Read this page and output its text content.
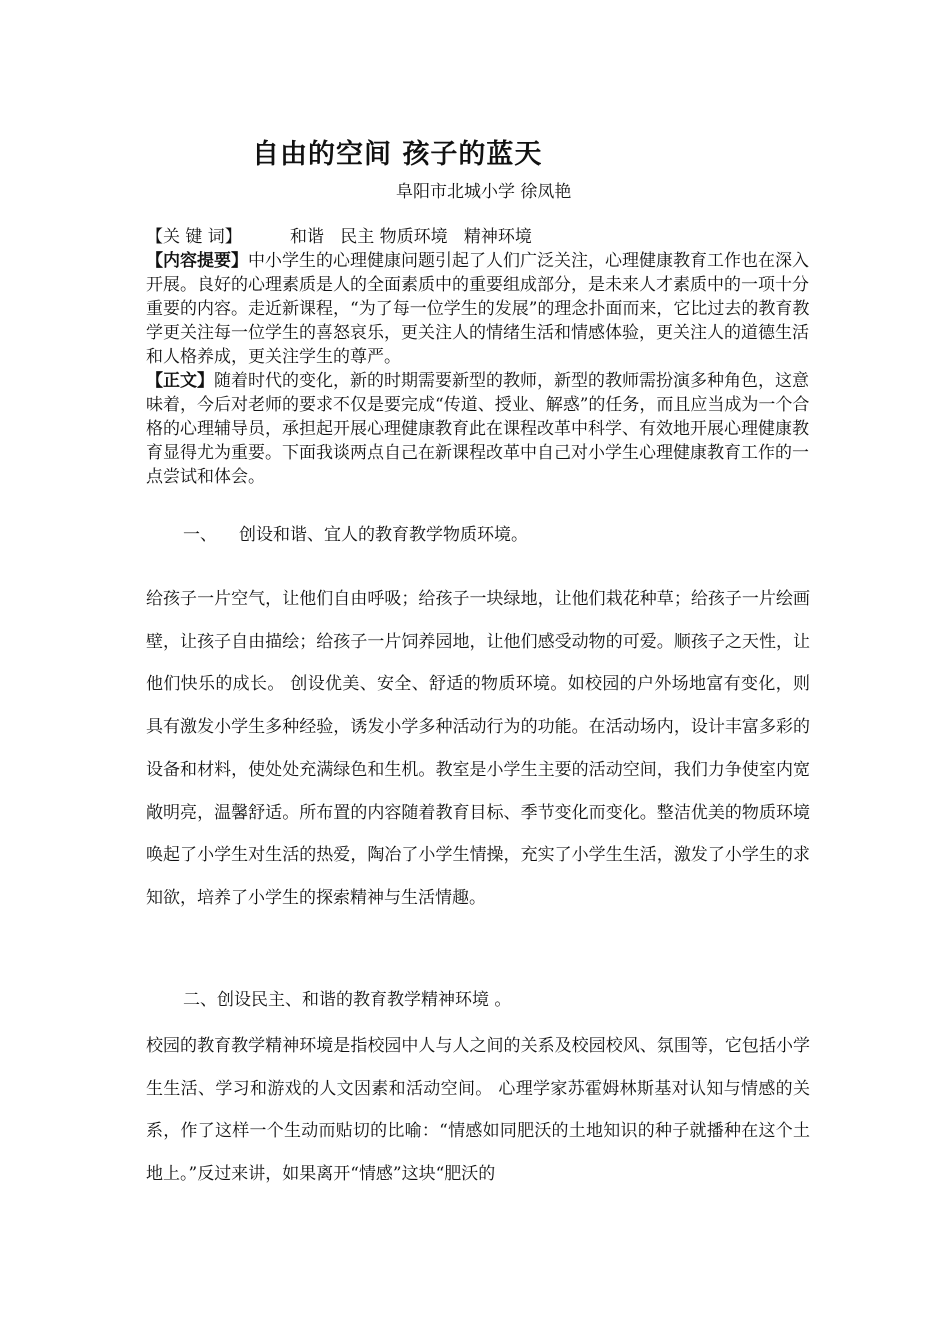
自由的空间 孩子的蓝天
阜阳市北城小学 徐凤艳
【关 键 词】	和谐   民主 物质环境   精神环境

【内容提要】中小学生的心理健康问题引起了人们广泛关注，心理健康教育工作也在深入开展。良好的心理素质是人的全面素质中的重要组成部分，是未来人才素质中的一项十分重要的内容。走近新课程，“为了每一位学生的发展”的理念扑面而来，它比过去的教育教学更关注每一位学生的喜怒哀乐，更关注人的情绪生活和情感体验，更关注人的道德生活和人格养成，更关注学生的尊严。

【正文】随着时代的变化，新的时期需要新型的教师，新型的教师需扮演多种角色，这意味着，今后对老师的要求不仅是要完成“传道、授业、解惑”的任务，而且应当成为一个合格的心理辅导员，承担起开展心理健康教育此在课程改革中科学、有效地开展心理健康教育显得尤为重要。下面我谈两点自己在新课程改革中自己对小学生心理健康教育工作的一点尝试和体会。

一、 创设和谐、宜人的教育教学物质环境。

给孩子一片空气，让他们自由呼吸；给孩子一块绿地，让他们栽花种草；给孩子一片绘画壁，让孩子自由描绘；给孩子一片饲养园地，让他们感受动物的可爱。顺孩子之天性，让他们快乐的成长。 创设优美、安全、舒适的物质环境。如校园的户外场地富有变化，则具有激发小学生多种经验，诱发小学多种活动行为的功能。在活动场内，设计丰富多彩的设备和材料，使处处充满绿色和生机。教室是小学生主要的活动空间，我们力争使室内宽敞明亮，温馨舒适。所布置的内容随着教育目标、季节变化而变化。整洁优美的物质环境唤起了小学生对生活的热爱，陶冶了小学生情操，充实了小学生生活，激发了小学生的求知欲，培养了小学生的探索精神与生活情趣。

二、创设民主、和谐的教育教学精神环境 。

校园的教育教学精神环境是指校园中人与人之间的关系及校园校风、氛围等，它包括小学生生活、学习和游戏的人文因素和活动空间。 心理学家苏霍姆林斯基对认知与情感的关系，作了这样一个生动而贴切的比喻：“情感如同肥沃的土地知识的种子就播种在这个土地上。”反过来讲，如果离开“情感”这块“肥沃的
